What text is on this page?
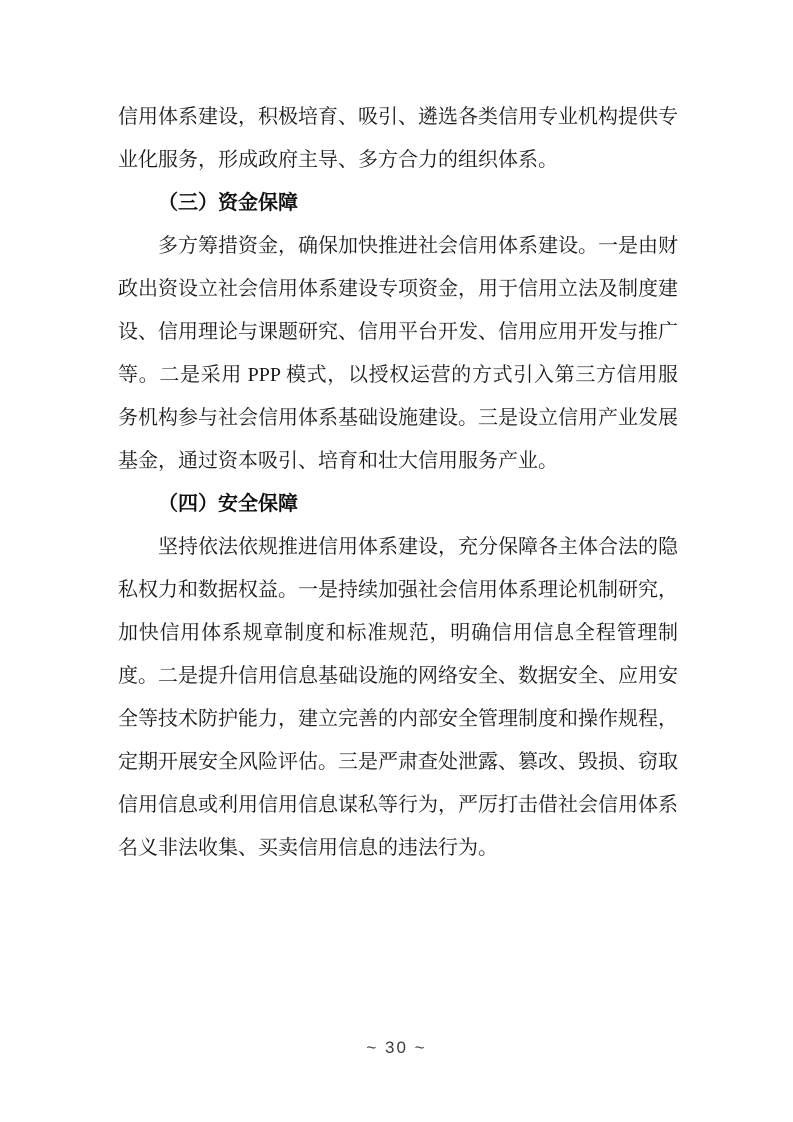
信用体系建设，积极培育、吸引、遴选各类信用专业机构提供专业化服务，形成政府主导、多方合力的组织体系。

（三）资金保障

多方筹措资金，确保加快推进社会信用体系建设。一是由财政出资设立社会信用体系建设专项资金，用于信用立法及制度建设、信用理论与课题研究、信用平台开发、信用应用开发与推广等。二是采用 PPP 模式，以授权运营的方式引入第三方信用服务机构参与社会信用体系基础设施建设。三是设立信用产业发展基金，通过资本吸引、培育和壮大信用服务产业。

（四）安全保障

坚持依法依规推进信用体系建设，充分保障各主体合法的隐私权力和数据权益。一是持续加强社会信用体系理论机制研究，加快信用体系规章制度和标准规范，明确信用信息全程管理制度。二是提升信用信息基础设施的网络安全、数据安全、应用安全等技术防护能力，建立完善的内部安全管理制度和操作规程，定期开展安全风险评估。三是严肃查处泄露、篡改、毁损、窃取信用信息或利用信用信息谋私等行为，严厉打击借社会信用体系名义非法收集、买卖信用信息的违法行为。

~ 30 ~
